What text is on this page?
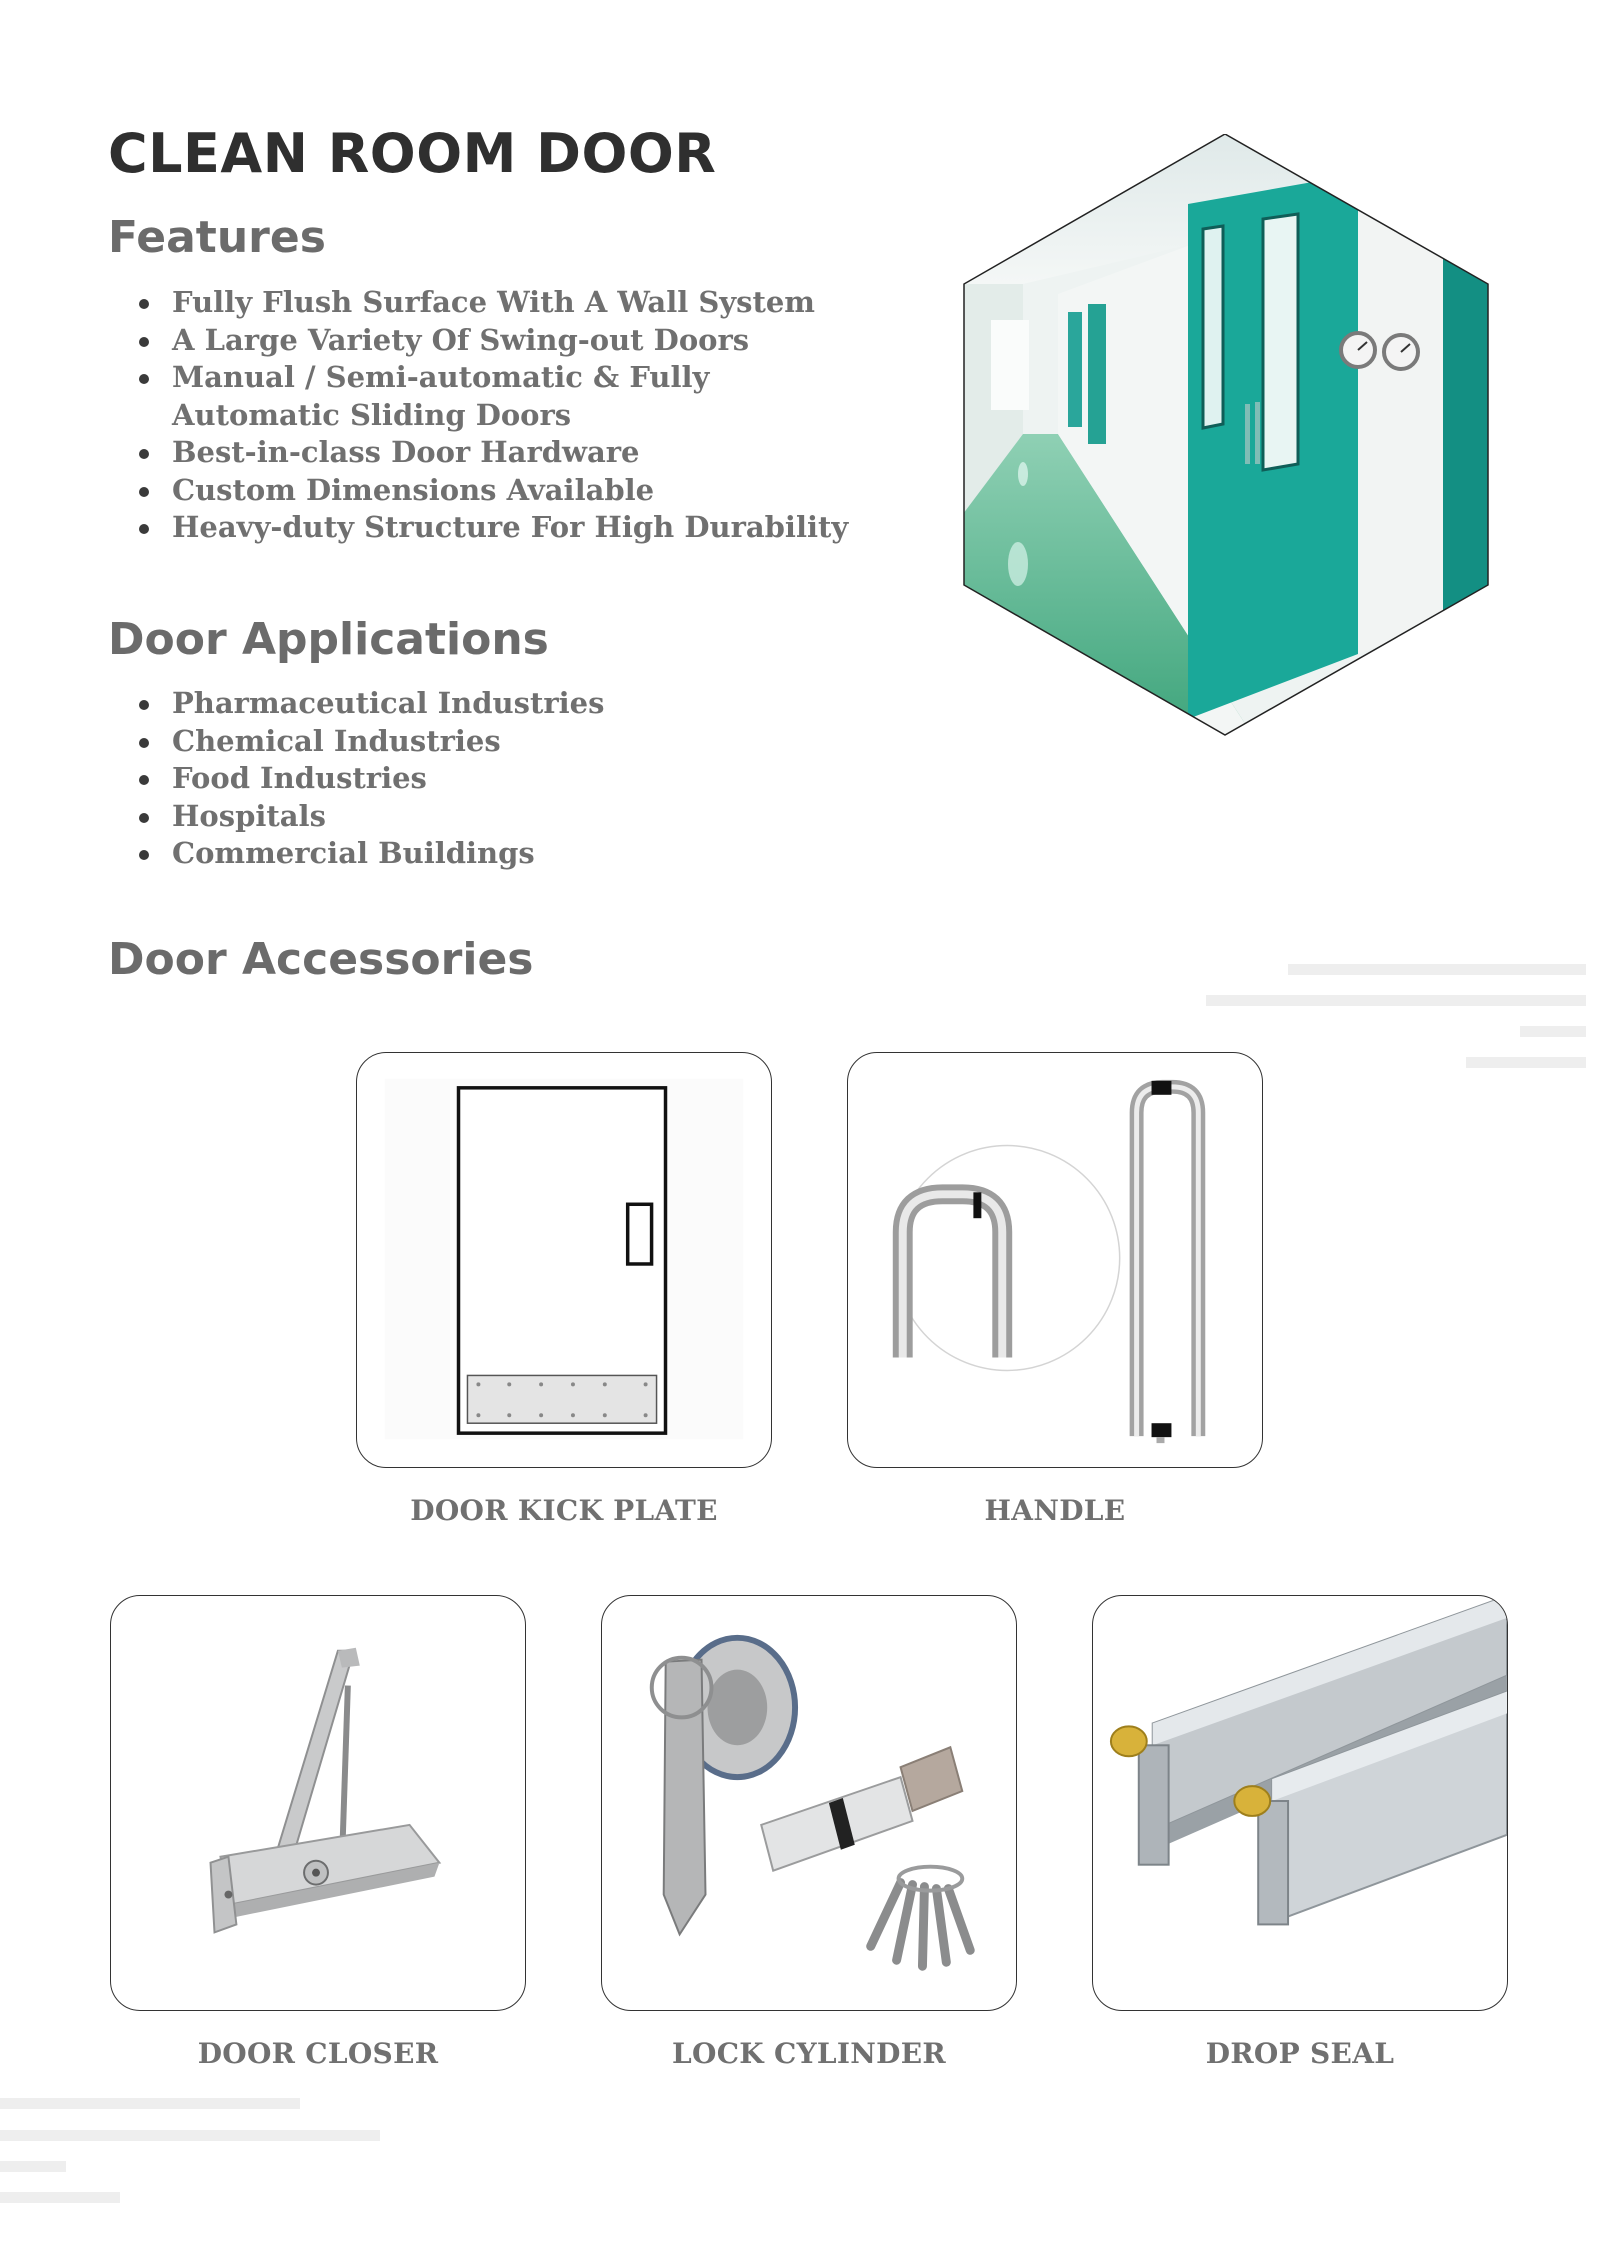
CLEAN ROOM DOOR
Features
Fully Flush Surface With A Wall System
A Large Variety Of Swing-out Doors
Manual / Semi-automatic & Fully Automatic Sliding Doors
Best-in-class Door Hardware
Custom Dimensions Available
Heavy-duty Structure For High Durability
Door Applications
Pharmaceutical Industries
Chemical Industries
Food Industries
Hospitals
Commercial Buildings
Door Accessories
DOOR KICK PLATE	HANDLE
DOOR CLOSER	LOCK CYLINDER	DROP SEAL
